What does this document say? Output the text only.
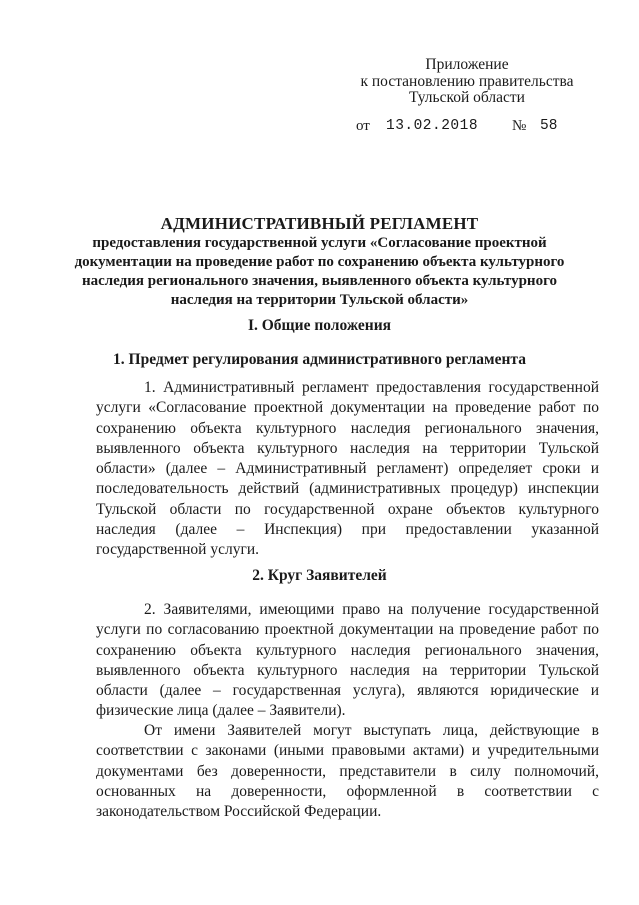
Приложение
к постановлению правительства
Тульской области
от 13.02.2018 № 58
АДМИНИСТРАТИВНЫЙ РЕГЛАМЕНТ
предоставления государственной услуги «Согласование проектной документации на проведение работ по сохранению объекта культурного наследия регионального значения, выявленного объекта культурного наследия на территории Тульской области»
I. Общие положения
1. Предмет регулирования административного регламента
1. Административный регламент предоставления государственной услуги «Согласование проектной документации на проведение работ по сохранению объекта культурного наследия регионального значения, выявленного объекта культурного наследия на территории Тульской области» (далее – Административный регламент) определяет сроки и последовательность действий (административных процедур) инспекции Тульской области по государственной охране объектов культурного наследия (далее – Инспекция) при предоставлении указанной государственной услуги.
2. Круг Заявителей
2. Заявителями, имеющими право на получение государственной услуги по согласованию проектной документации на проведение работ по сохранению объекта культурного наследия регионального значения, выявленного объекта культурного наследия на территории Тульской области (далее – государственная услуга), являются юридические и физические лица (далее – Заявители).
От имени Заявителей могут выступать лица, действующие в соответствии с законами (иными правовыми актами) и учредительными документами без доверенности, представители в силу полномочий, основанных на доверенности, оформленной в соответствии с законодательством Российской Федерации.
